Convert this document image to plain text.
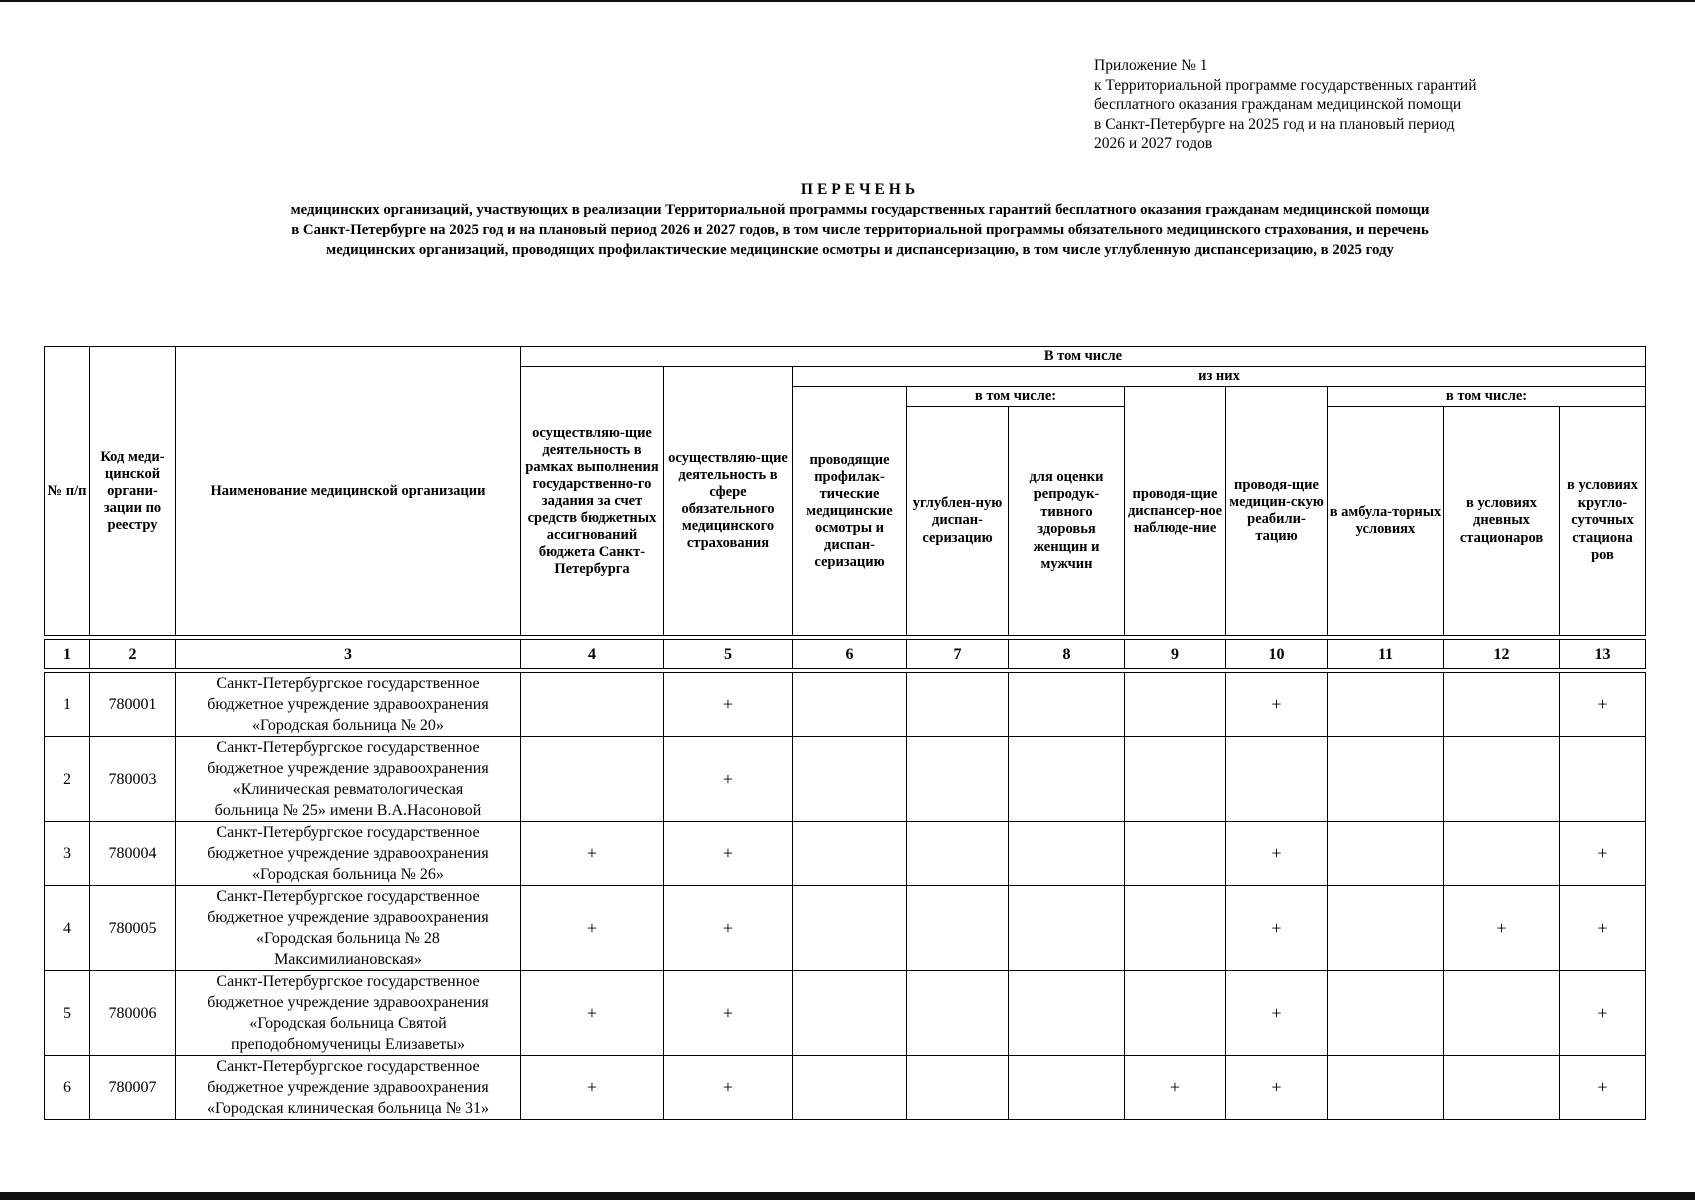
Приложение № 1
к Территориальной программе государственных гарантий
бесплатного оказания гражданам медицинской помощи
в Санкт-Петербурге на 2025 год и на плановый период
2026 и 2027 годов
ПЕРЕЧЕНЬ
медицинских организаций, участвующих в реализации Территориальной программы государственных гарантий бесплатного оказания гражданам медицинской помощи
в Санкт-Петербурге на 2025 год и на плановый период 2026 и 2027 годов, в том числе территориальной программы обязательного медицинского страхования, и перечень
медицинских организаций, проводящих профилактические медицинские осмотры и диспансеризацию, в том числе углубленную диспансеризацию, в 2025 году
№ п/п	Код меди-цинской органи-зации по реестру	Наименование медицинской организации	В том числе									
			осуществляю-щие деятельность в рамках выполнения государственно-го задания за счет средств бюджетных ассигнований бюджета Санкт-Петербурга	осуществляю-щие деятельность в сфере обязательного медицинского страхования	из них							
					проводящие профилак-тические медицинские осмотры и диспан-серизацию	в том числе:		проводя-щие диспансер-ное наблюде-ние	проводя-щие медицин-скую реабили-тацию	в том числе:		
						углублен-ную диспан-серизацию	для оценки репродук-тивного здоровья женщин и мужчин			в амбула-торных условиях	в условиях дневных стационаров	в условиях кругло-суточных стациона ров

1	2	3	4	5	6	7	8	9	10	11	12	13

1	780001	Санкт-Петербургское государственное
бюджетное учреждение здравоохранения
«Городская больница № 20»		+					+			+
2	780003	Санкт-Петербургское государственное
бюджетное учреждение здравоохранения
«Клиническая ревматологическая
больница № 25» имени В.А.Насоновой		+								
3	780004	Санкт-Петербургское государственное
бюджетное учреждение здравоохранения
«Городская больница № 26»	+	+					+			+
4	780005	Санкт-Петербургское государственное
бюджетное учреждение здравоохранения
«Городская больница № 28
Максимилиановская»	+	+					+		+	+
5	780006	Санкт-Петербургское государственное
бюджетное учреждение здравоохранения
«Городская больница Святой
преподобномученицы Елизаветы»	+	+					+			+
6	780007	Санкт-Петербургское государственное
бюджетное учреждение здравоохранения
«Городская клиническая больница № 31»	+	+				+	+			+
